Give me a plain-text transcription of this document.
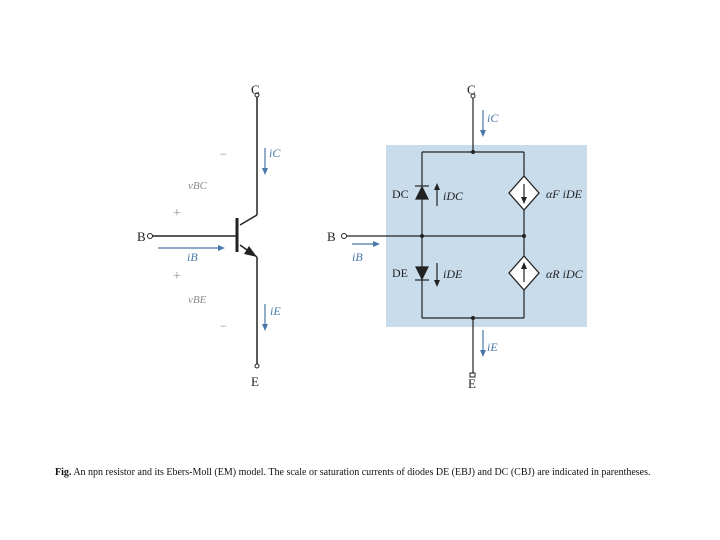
C
B
E
iC
iB
iE
vBC
vBE
−
+
+
−
C
B
E
iC
iB
iE
DC
DE
iDC
iDE
αF iDE
αR iDC
Fig. An npn resistor and its Ebers-Moll (EM) model. The scale or saturation currents of diodes DE (EBJ) and DC (CBJ) are indicated in parentheses.
